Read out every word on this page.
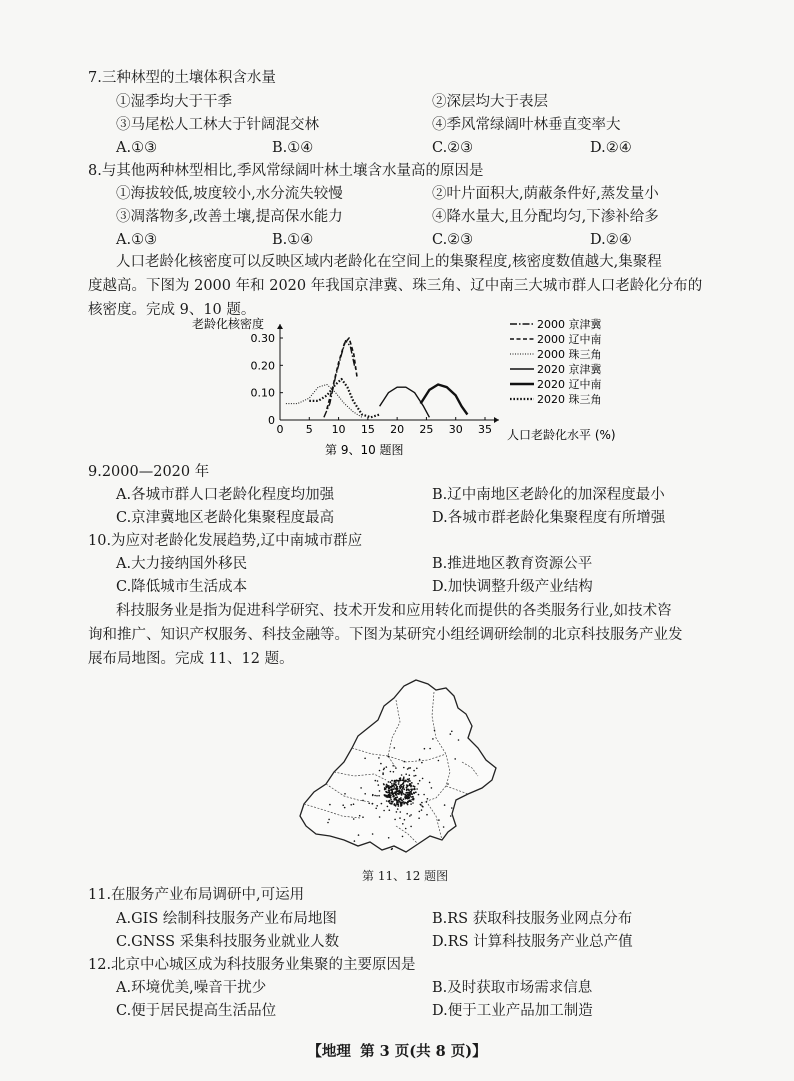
7.三种林型的土壤体积含水量
①湿季均大于干季	②深层均大于表层
③马尾松人工林大于针阔混交林	④季风常绿阔叶林垂直变率大
A.①③	B.①④	C.②③	D.②④
8.与其他两种林型相比,季风常绿阔叶林土壤含水量高的原因是
①海拔较低,坡度较小,水分流失较慢	②叶片面积大,荫蔽条件好,蒸发量小
③凋落物多,改善土壤,提高保水能力	④降水量大,且分配均匀,下渗补给多
A.①③	B.①④	C.②③	D.②④
人口老龄化核密度可以反映区域内老龄化在空间上的集聚程度,核密度数值越大,集聚程
度越高。下图为 2000 年和 2020 年我国京津冀、珠三角、辽中南三大城市群人口老龄化分布的
核密度。完成 9、10 题。
老龄化核密度
人口老龄化水平 (%)
0 5 10 15 20 25 30 35
0
0.10
0.20
0.30
2000 京津冀
2000 辽中南
2000 珠三角
2020 京津冀
2020 辽中南
2020 珠三角
第 9、10 题图
9.2000—2020 年
A.各城市群人口老龄化程度均加强	B.辽中南地区老龄化的加深程度最小
C.京津冀地区老龄化集聚程度最高	D.各城市群老龄化集聚程度有所增强
10.为应对老龄化发展趋势,辽中南城市群应
A.大力接纳国外移民	B.推进地区教育资源公平
C.降低城市生活成本	D.加快调整升级产业结构
科技服务业是指为促进科学研究、技术开发和应用转化而提供的各类服务行业,如技术咨
询和推广、知识产权服务、科技金融等。下图为某研究小组经调研绘制的北京科技服务产业发
展布局地图。完成 11、12 题。
第 11、12 题图
11.在服务产业布局调研中,可运用
A.GIS 绘制科技服务产业布局地图	B.RS 获取科技服务业网点分布
C.GNSS 采集科技服务业就业人数	D.RS 计算科技服务产业总产值
12.北京中心城区成为科技服务业集聚的主要原因是
A.环境优美,噪音干扰少	B.及时获取市场需求信息
C.便于居民提高生活品位	D.便于工业产品加工制造
【地理 第 3 页(共 8 页)】
